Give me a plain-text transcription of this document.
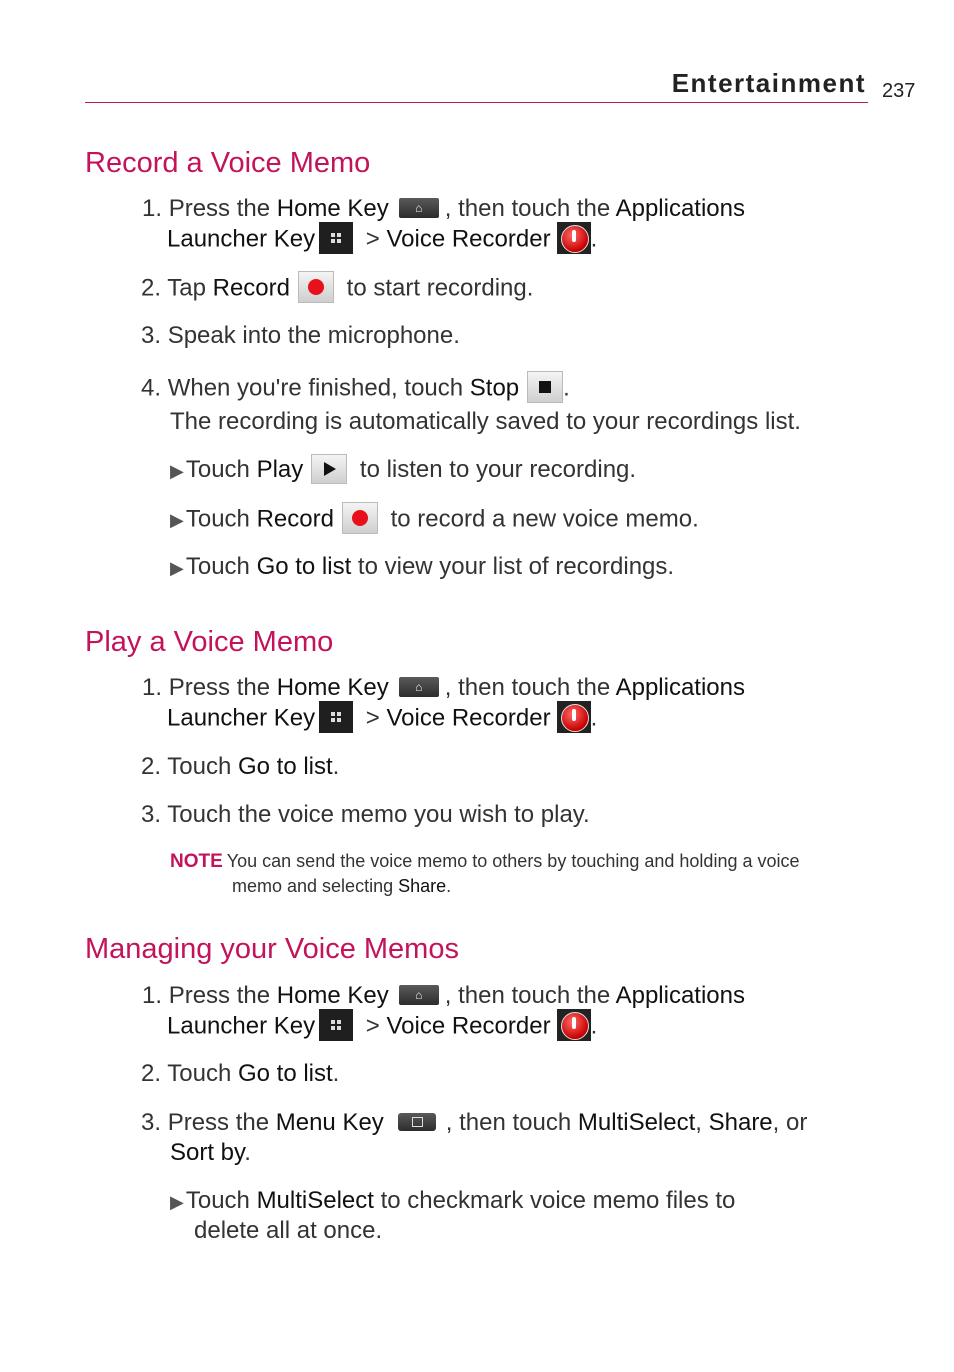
Entertainment 237
Record a Voice Memo
1. Press the Home Key ⌂ , then touch the Applications
Launcher Key > Voice Recorder .
2. Tap Record to start recording.
3. Speak into the microphone.
4. When you're finished, touch Stop .
The recording is automatically saved to your recordings list.
▶Touch Play to listen to your recording.
▶Touch Record to record a new voice memo.
▶Touch Go to list to view your list of recordings.
Play a Voice Memo
1. Press the Home Key ⌂ , then touch the Applications
Launcher Key > Voice Recorder .
2. Touch Go to list.
3. Touch the voice memo you wish to play.
NOTE You can send the voice memo to others by touching and holding a voice
memo and selecting Share.
Managing your Voice Memos
1. Press the Home Key ⌂ , then touch the Applications
Launcher Key > Voice Recorder .
2. Touch Go to list.
3. Press the Menu Key	, then touch MultiSelect, Share, or
Sort by.
▶Touch MultiSelect to checkmark voice memo files to
delete all at once.
